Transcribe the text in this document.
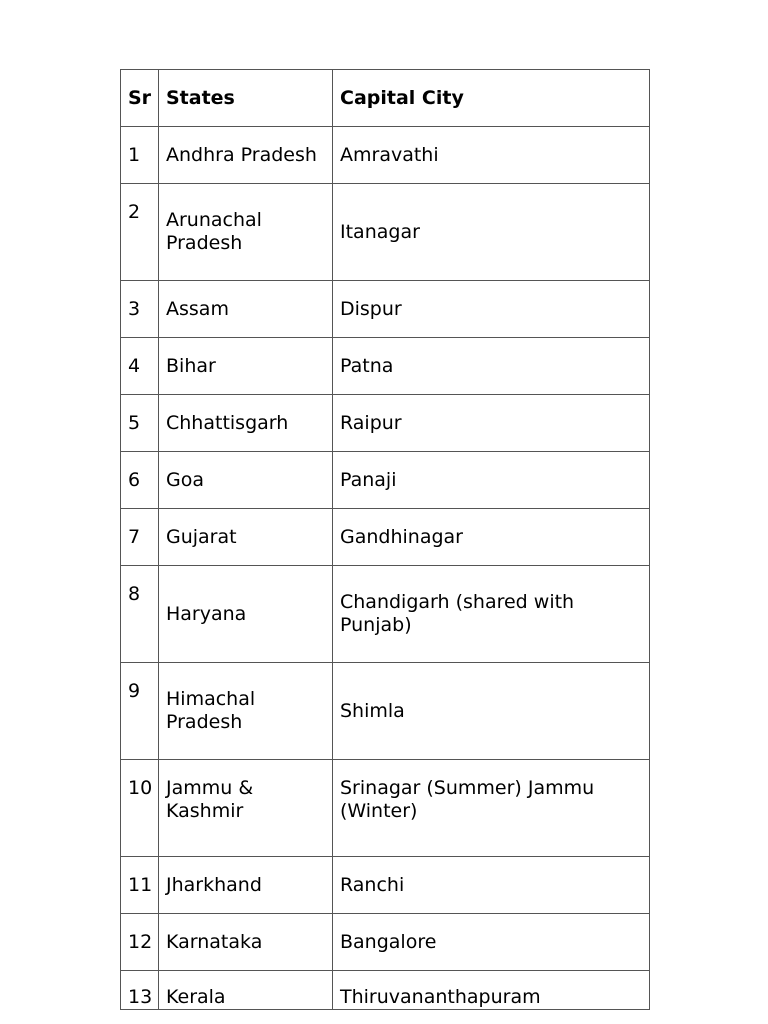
Sr	States	Capital City
1	Andhra Pradesh	Amravathi
2	Arunachal Pradesh	Itanagar
3	Assam	Dispur
4	Bihar	Patna
5	Chhattisgarh	Raipur
6	Goa	Panaji
7	Gujarat	Gandhinagar
8	Haryana	Chandigarh (shared with Punjab)
9	Himachal Pradesh	Shimla
10	Jammu & Kashmir	Srinagar (Summer) Jammu (Winter)
11	Jharkhand	Ranchi
12	Karnataka	Bangalore
13	Kerala	Thiruvananthapuram
